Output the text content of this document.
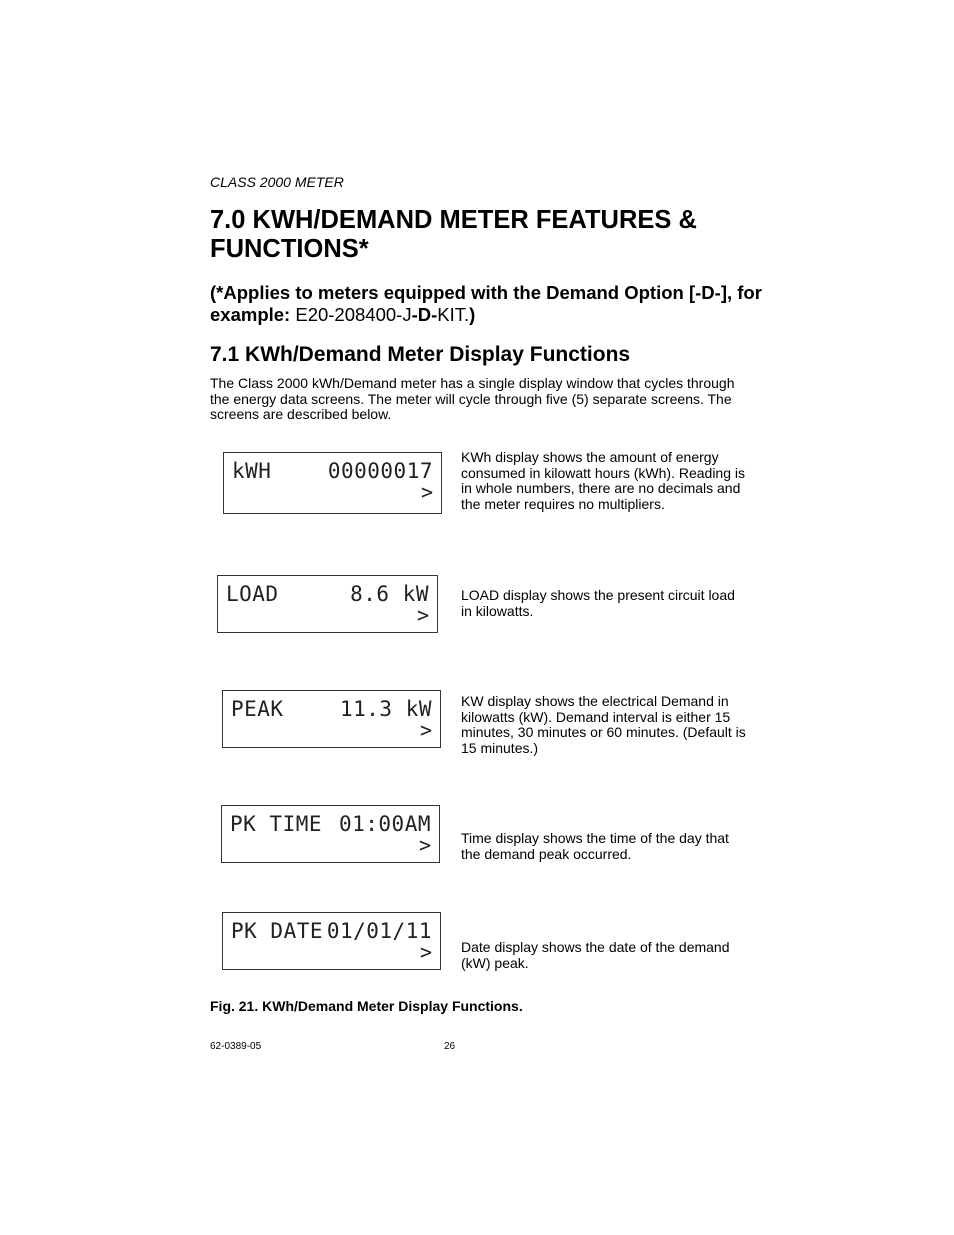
CLASS 2000 METER
7.0 KWH/DEMAND METER FEATURES & FUNCTIONS*
(*Applies to meters equipped with the Demand Option [-D-], for example: E20-208400-J-D-KIT.)
7.1 KWh/Demand Meter Display Functions
The Class 2000 kWh/Demand meter has a single display window that cycles through the energy data screens. The meter will cycle through five (5) separate screens. The screens are described below.
kWH	00000017
>
KWh display shows the amount of energy consumed in kilowatt hours (kWh). Reading is in whole numbers, there are no decimals and the meter requires no multipliers.
LOAD	8.6 kW
>
LOAD display shows the present circuit load in kilowatts.
PEAK	11.3 kW
>
KW display shows the electrical Demand in kilowatts (kW). Demand interval is either 15 minutes, 30 minutes or 60 minutes. (Default is 15 minutes.)
PK TIME 01:00AM
> Time display shows the time of the day that the demand peak occurred.
PK DATE 01/01/11
> Date display shows the date of the demand (kW) peak.
Fig. 21. KWh/Demand Meter Display Functions.
62-0389-05	26
